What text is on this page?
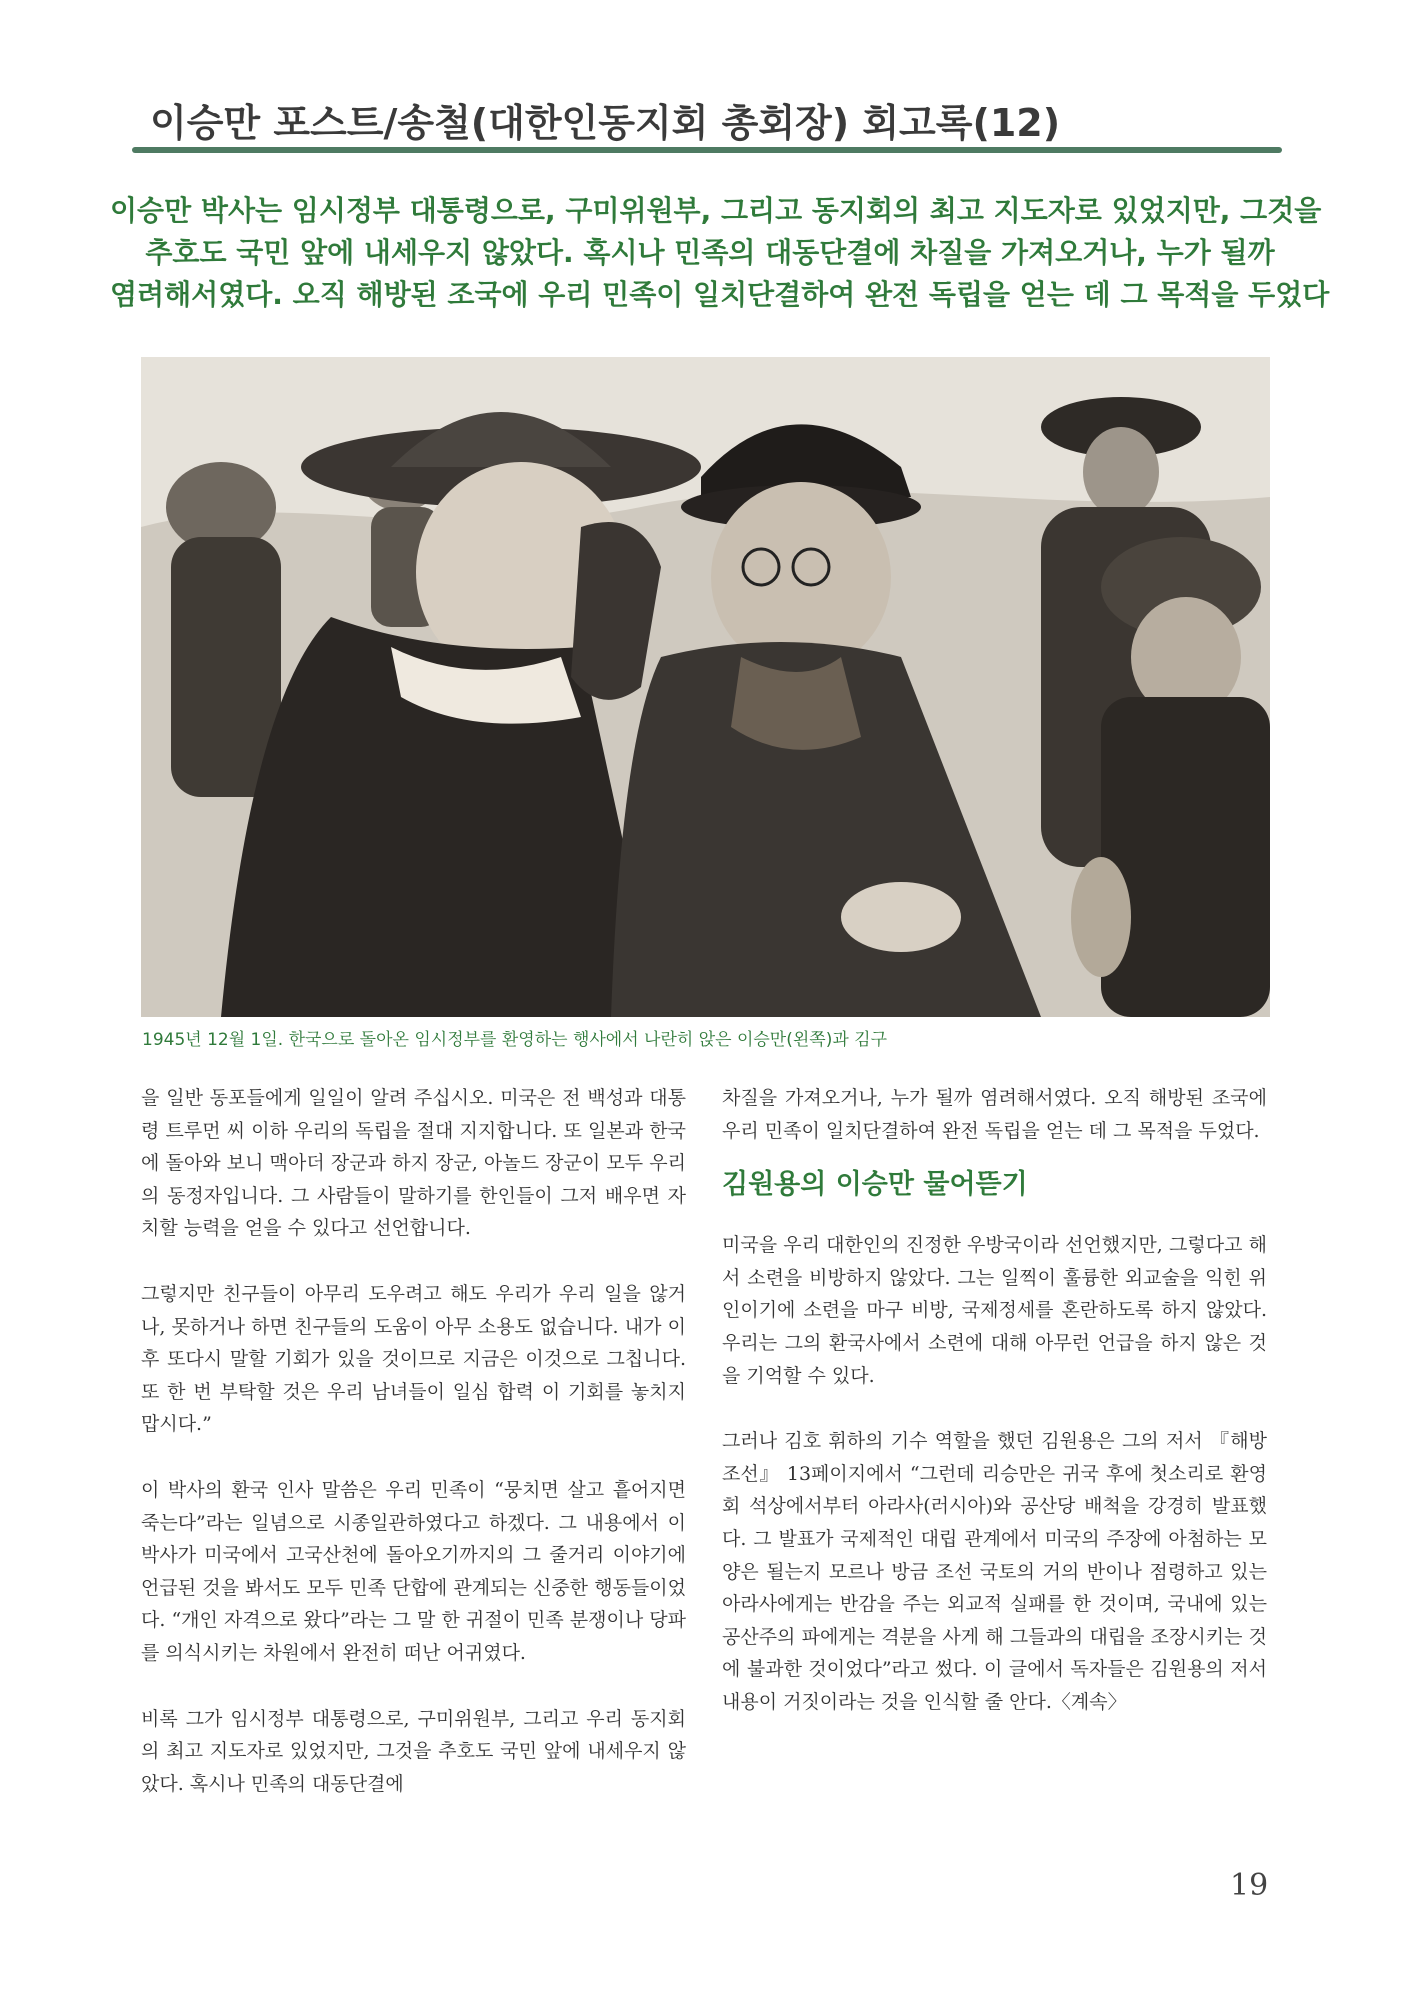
이승만 포스트/송철(대한인동지회 총회장) 회고록(12)
이승만 박사는 임시정부 대통령으로, 구미위원부, 그리고 동지회의 최고 지도자로 있었지만, 그것을
추호도 국민 앞에 내세우지 않았다. 혹시나 민족의 대동단결에 차질을 가져오거나, 누가 될까
염려해서였다. 오직 해방된 조국에 우리 민족이 일치단결하여 완전 독립을 얻는 데 그 목적을 두었다
1945년 12월 1일. 한국으로 돌아온 임시정부를 환영하는 행사에서 나란히 앉은 이승만(왼쪽)과 김구

을 일반 동포들에게 일일이 알려 주십시오. 미국은 전 백성과 대통령 트루먼 씨 이하 우리의 독립을 절대 지지합니다. 또 일본과 한국에 돌아와 보니 맥아더 장군과 하지 장군, 아놀드 장군이 모두 우리의 동정자입니다. 그 사람들이 말하기를 한인들이 그저 배우면 자치할 능력을 얻을 수 있다고 선언합니다.

그렇지만 친구들이 아무리 도우려고 해도 우리가 우리 일을 않거나, 못하거나 하면 친구들의 도움이 아무 소용도 없습니다. 내가 이후 또다시 말할 기회가 있을 것이므로 지금은 이것으로 그칩니다. 또 한 번 부탁할 것은 우리 남녀들이 일심 합력 이 기회를 놓치지 맙시다.”

이 박사의 환국 인사 말씀은 우리 민족이 “뭉치면 살고 흩어지면 죽는다”라는 일념으로 시종일관하였다고 하겠다. 그 내용에서 이 박사가 미국에서 고국산천에 돌아오기까지의 그 줄거리 이야기에 언급된 것을 봐서도 모두 민족 단합에 관계되는 신중한 행동들이었다. “개인 자격으로 왔다”라는 그 말 한 귀절이 민족 분쟁이나 당파를 의식시키는 차원에서 완전히 떠난 어귀였다.

비록 그가 임시정부 대통령으로, 구미위원부, 그리고 우리 동지회의 최고 지도자로 있었지만, 그것을 추호도 국민 앞에 내세우지 않았다. 혹시나 민족의 대동단결에

차질을 가져오거나, 누가 될까 염려해서였다. 오직 해방된 조국에 우리 민족이 일치단결하여 완전 독립을 얻는 데 그 목적을 두었다.

김원용의 이승만 물어뜯기

미국을 우리 대한인의 진정한 우방국이라 선언했지만, 그렇다고 해서 소련을 비방하지 않았다. 그는 일찍이 훌륭한 외교술을 익힌 위인이기에 소련을 마구 비방, 국제정세를 혼란하도록 하지 않았다. 우리는 그의 환국사에서 소련에 대해 아무런 언급을 하지 않은 것을 기억할 수 있다.

그러나 김호 휘하의 기수 역할을 했던 김원용은 그의 저서 『해방 조선』 13페이지에서 “그런데 리승만은 귀국 후에 첫소리로 환영회 석상에서부터 아라사(러시아)와 공산당 배척을 강경히 발표했다. 그 발표가 국제적인 대립 관계에서 미국의 주장에 아첨하는 모양은 될는지 모르나 방금 조선 국토의 거의 반이나 점령하고 있는 아라사에게는 반감을 주는 외교적 실패를 한 것이며, 국내에 있는 공산주의 파에게는 격분을 사게 해 그들과의 대립을 조장시키는 것에 불과한 것이었다”라고 썼다. 이 글에서 독자들은 김원용의 저서 내용이 거짓이라는 것을 인식할 줄 안다.〈계속〉

19
